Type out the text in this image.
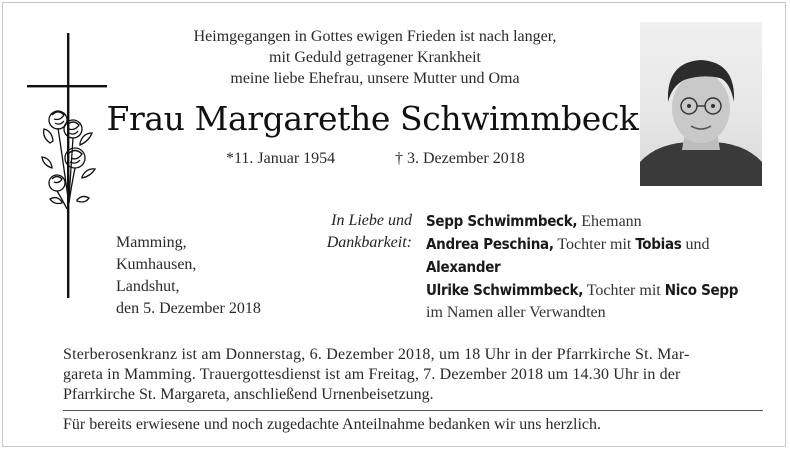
Heimgegangen in Gottes ewigen Frieden ist nach langer,
mit Geduld getragener Krankheit
meine liebe Ehefrau, unsere Mutter und Oma
Frau Margarethe Schwimmbeck
*11. Januar 1954	† 3. Dezember 2018
In Liebe und
Dankbarkeit:
Sepp Schwimmbeck, Ehemann
Andrea Peschina, Tochter mit Tobias und
Alexander
Ulrike Schwimmbeck, Tochter mit Nico Sepp
im Namen aller Verwandten
Mamming,
Kumhausen,
Landshut,
den 5. Dezember 2018
Sterberosenkranz ist am Donnerstag, 6. Dezember 2018, um 18 Uhr in der Pfarrkirche St. Mar-
gareta in Mamming. Trauergottesdienst ist am Freitag, 7. Dezember 2018 um 14.30 Uhr in der
Pfarrkirche St. Margareta, anschließend Urnenbeisetzung.
Für bereits erwiesene und noch zugedachte Anteilnahme bedanken wir uns herzlich.
